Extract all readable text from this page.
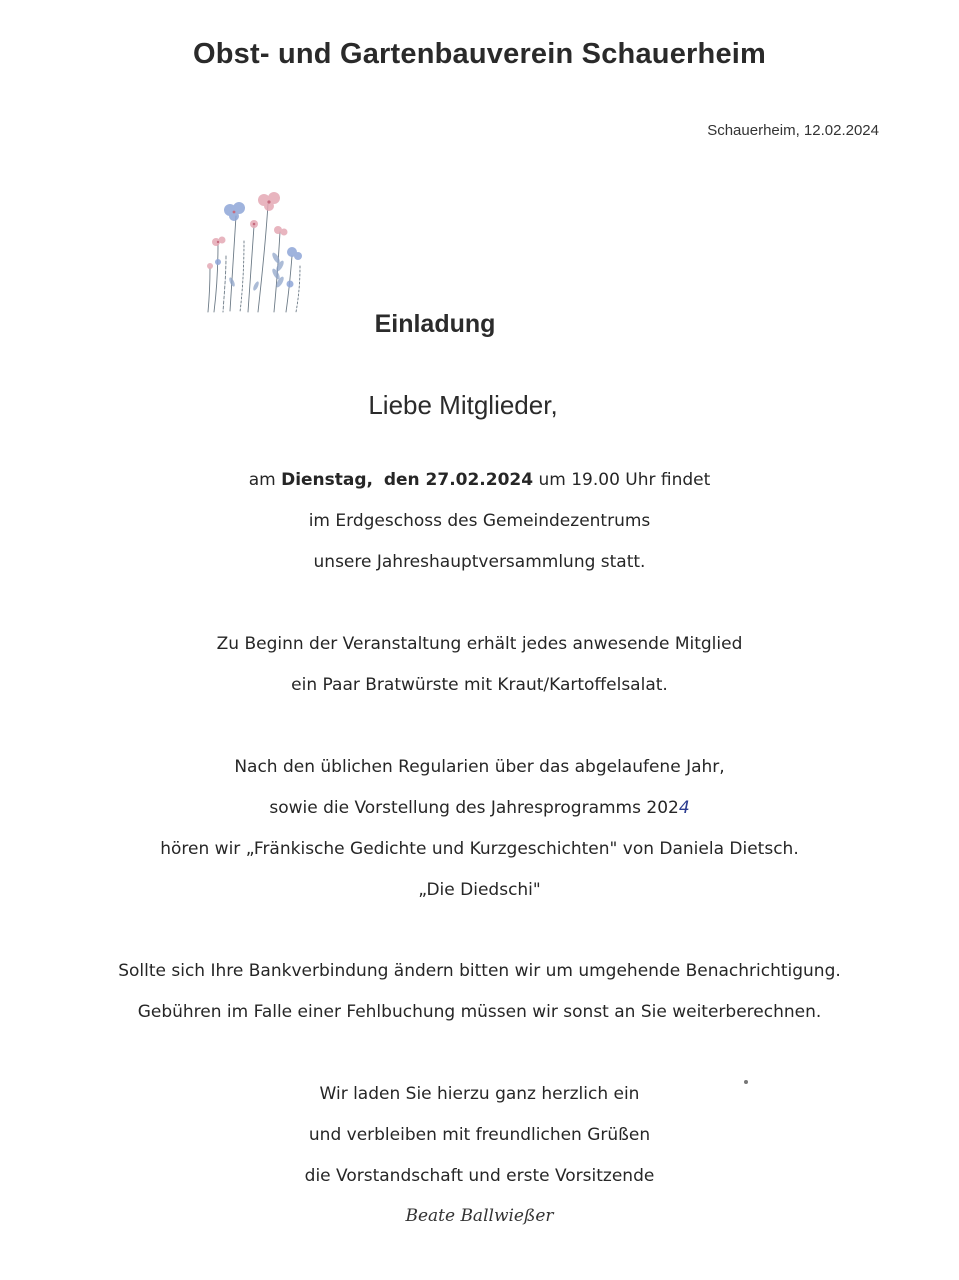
Obst- und Gartenbauverein Schauerheim
Schauerheim, 12.02.2024
Einladung
Liebe Mitglieder,
am Dienstag, den 27.02.2024 um 19.00 Uhr findet
im Erdgeschoss des Gemeindezentrums
unsere Jahreshauptversammlung statt.
Zu Beginn der Veranstaltung erhält jedes anwesende Mitglied
ein Paar Bratwürste mit Kraut/Kartoffelsalat.
Nach den üblichen Regularien über das abgelaufene Jahr,
sowie die Vorstellung des Jahresprogramms 2024
hören wir „Fränkische Gedichte und Kurzgeschichten" von Daniela Dietsch.
„Die Diedschi"
Sollte sich Ihre Bankverbindung ändern bitten wir um umgehende Benachrichtigung.
Gebühren im Falle einer Fehlbuchung müssen wir sonst an Sie weiterberechnen.
Wir laden Sie hierzu ganz herzlich ein
und verbleiben mit freundlichen Grüßen
die Vorstandschaft und erste Vorsitzende
Beate Ballwießer
